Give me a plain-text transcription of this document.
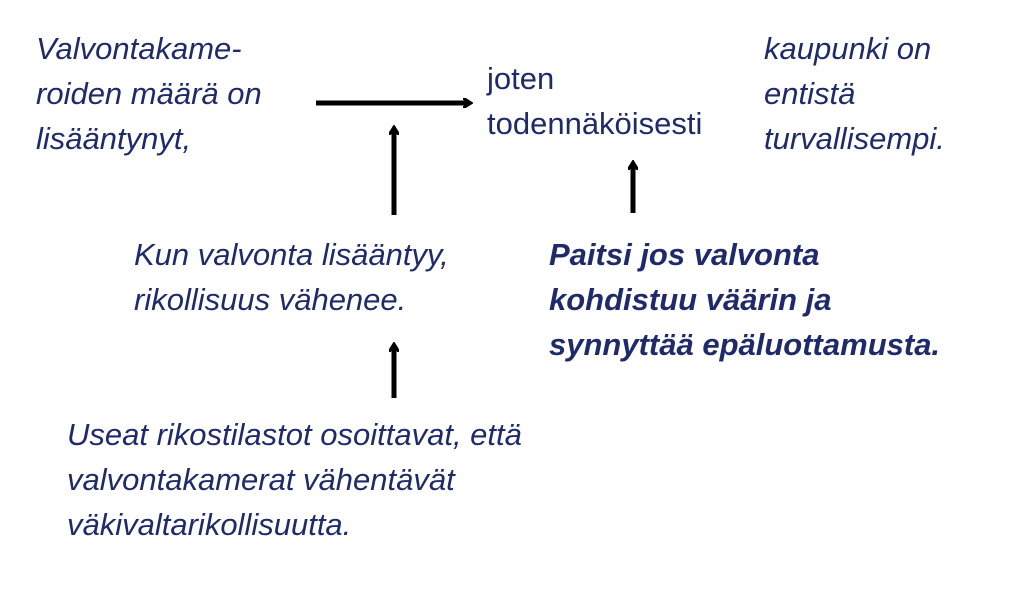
Valvontakame-
roiden määrä on
lisääntynyt,
joten
todennäköisesti
kaupunki on
entistä
turvallisempi.
Kun valvonta lisääntyy,
rikollisuus vähenee.
Paitsi jos valvonta
kohdistuu väärin ja
synnyttää epäluottamusta.
Useat rikostilastot osoittavat, että
valvontakamerat vähentävät
väkivaltarikollisuutta.
